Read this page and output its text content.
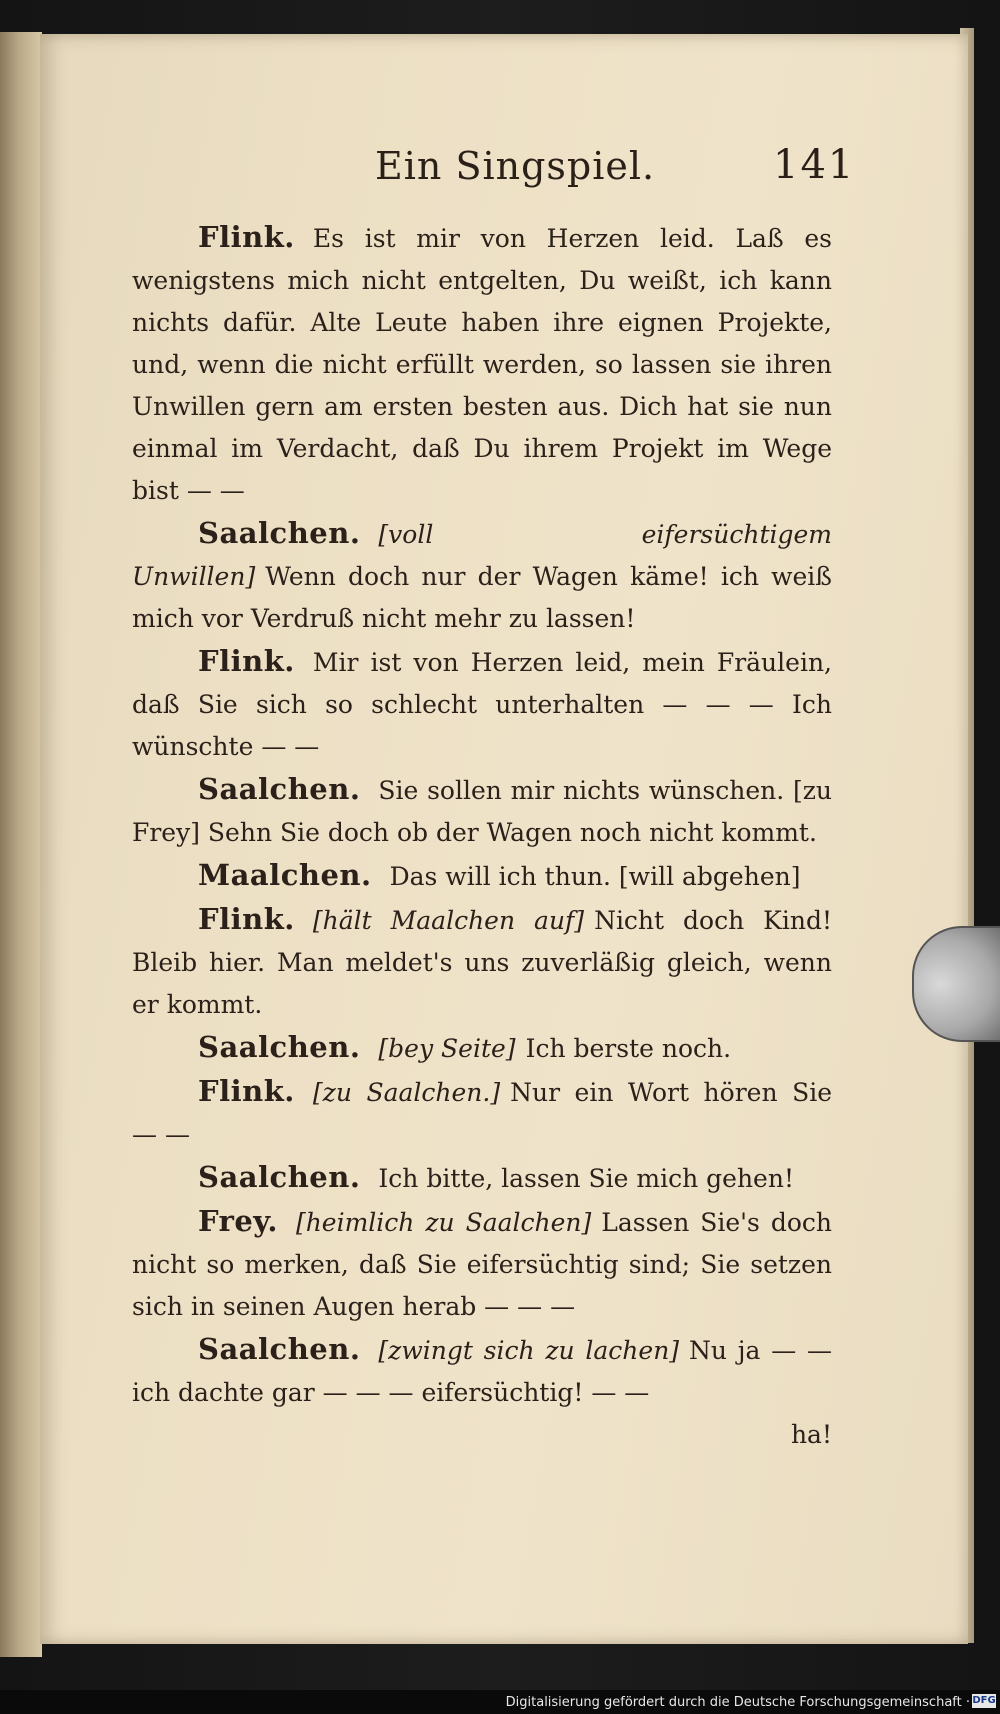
Ein Singspiel.	141

Flink. Es ist mir von Herzen leid. Laß es wenigstens mich nicht entgelten, Du weißt, ich kann nichts dafür. Alte Leute haben ihre eignen Projekte, und, wenn die nicht erfüllt werden, so lassen sie ihren Unwillen gern am ersten besten aus. Dich hat sie nun einmal im Verdacht, daß Du ihrem Projekt im Wege bist — —

Saalchen. [voll eifersüchtigem Unwillen] Wenn doch nur der Wagen käme! ich weiß mich vor Verdruß nicht mehr zu lassen!

Flink. Mir ist von Herzen leid, mein Fräulein, daß Sie sich so schlecht unterhalten — — — Ich wünschte — —

Saalchen. Sie sollen mir nichts wünschen. [zu Frey] Sehn Sie doch ob der Wagen noch nicht kommt.

Maalchen. Das will ich thun. [will abgehen]

Flink. [hält Maalchen auf] Nicht doch Kind! Bleib hier. Man meldet's uns zuverläßig gleich, wenn er kommt.

Saalchen. [bey Seite] Ich berste noch.

Flink. [zu Saalchen.] Nur ein Wort hören Sie — —

Saalchen. Ich bitte, lassen Sie mich gehen!

Frey. [heimlich zu Saalchen] Lassen Sie's doch nicht so merken, daß Sie eifersüchtig sind; Sie setzen sich in seinen Augen herab — — —

Saalchen. [zwingt sich zu lachen] Nu ja — — ich dachte gar — — — eifersüchtig! — —

ha!

Digitalisierung gefördert durch die Deutsche Forschungsgemeinschaft · DFG
